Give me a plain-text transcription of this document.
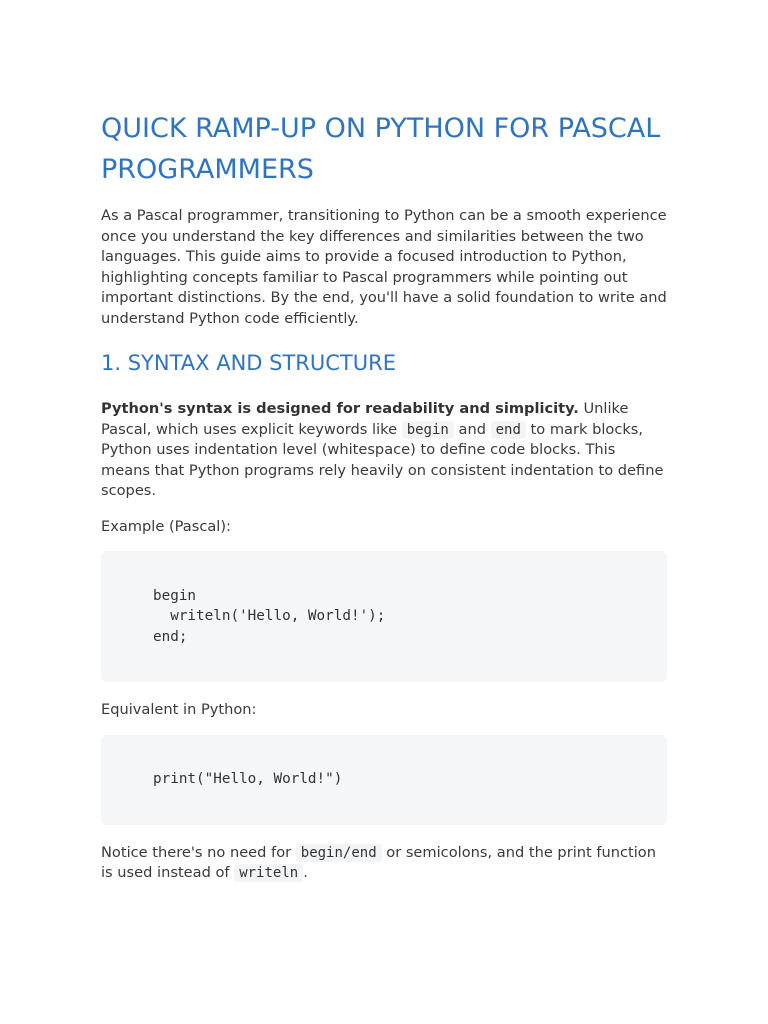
QUICK RAMP-UP ON PYTHON FOR PASCAL PROGRAMMERS

As a Pascal programmer, transitioning to Python can be a smooth experience once you understand the key differences and similarities between the two languages. This guide aims to provide a focused introduction to Python, highlighting concepts familiar to Pascal programmers while pointing out important distinctions. By the end, you'll have a solid foundation to write and understand Python code efficiently.

1. SYNTAX AND STRUCTURE

Python's syntax is designed for readability and simplicity. Unlike Pascal, which uses explicit keywords like begin and end to mark blocks, Python uses indentation level (whitespace) to define code blocks. This means that Python programs rely heavily on consistent indentation to define scopes.

Example (Pascal):

begin
writeln('Hello, World!');
end;

Equivalent in Python:

print("Hello, World!")

Notice there's no need for begin/end or semicolons, and the print function is used instead of writeln .
